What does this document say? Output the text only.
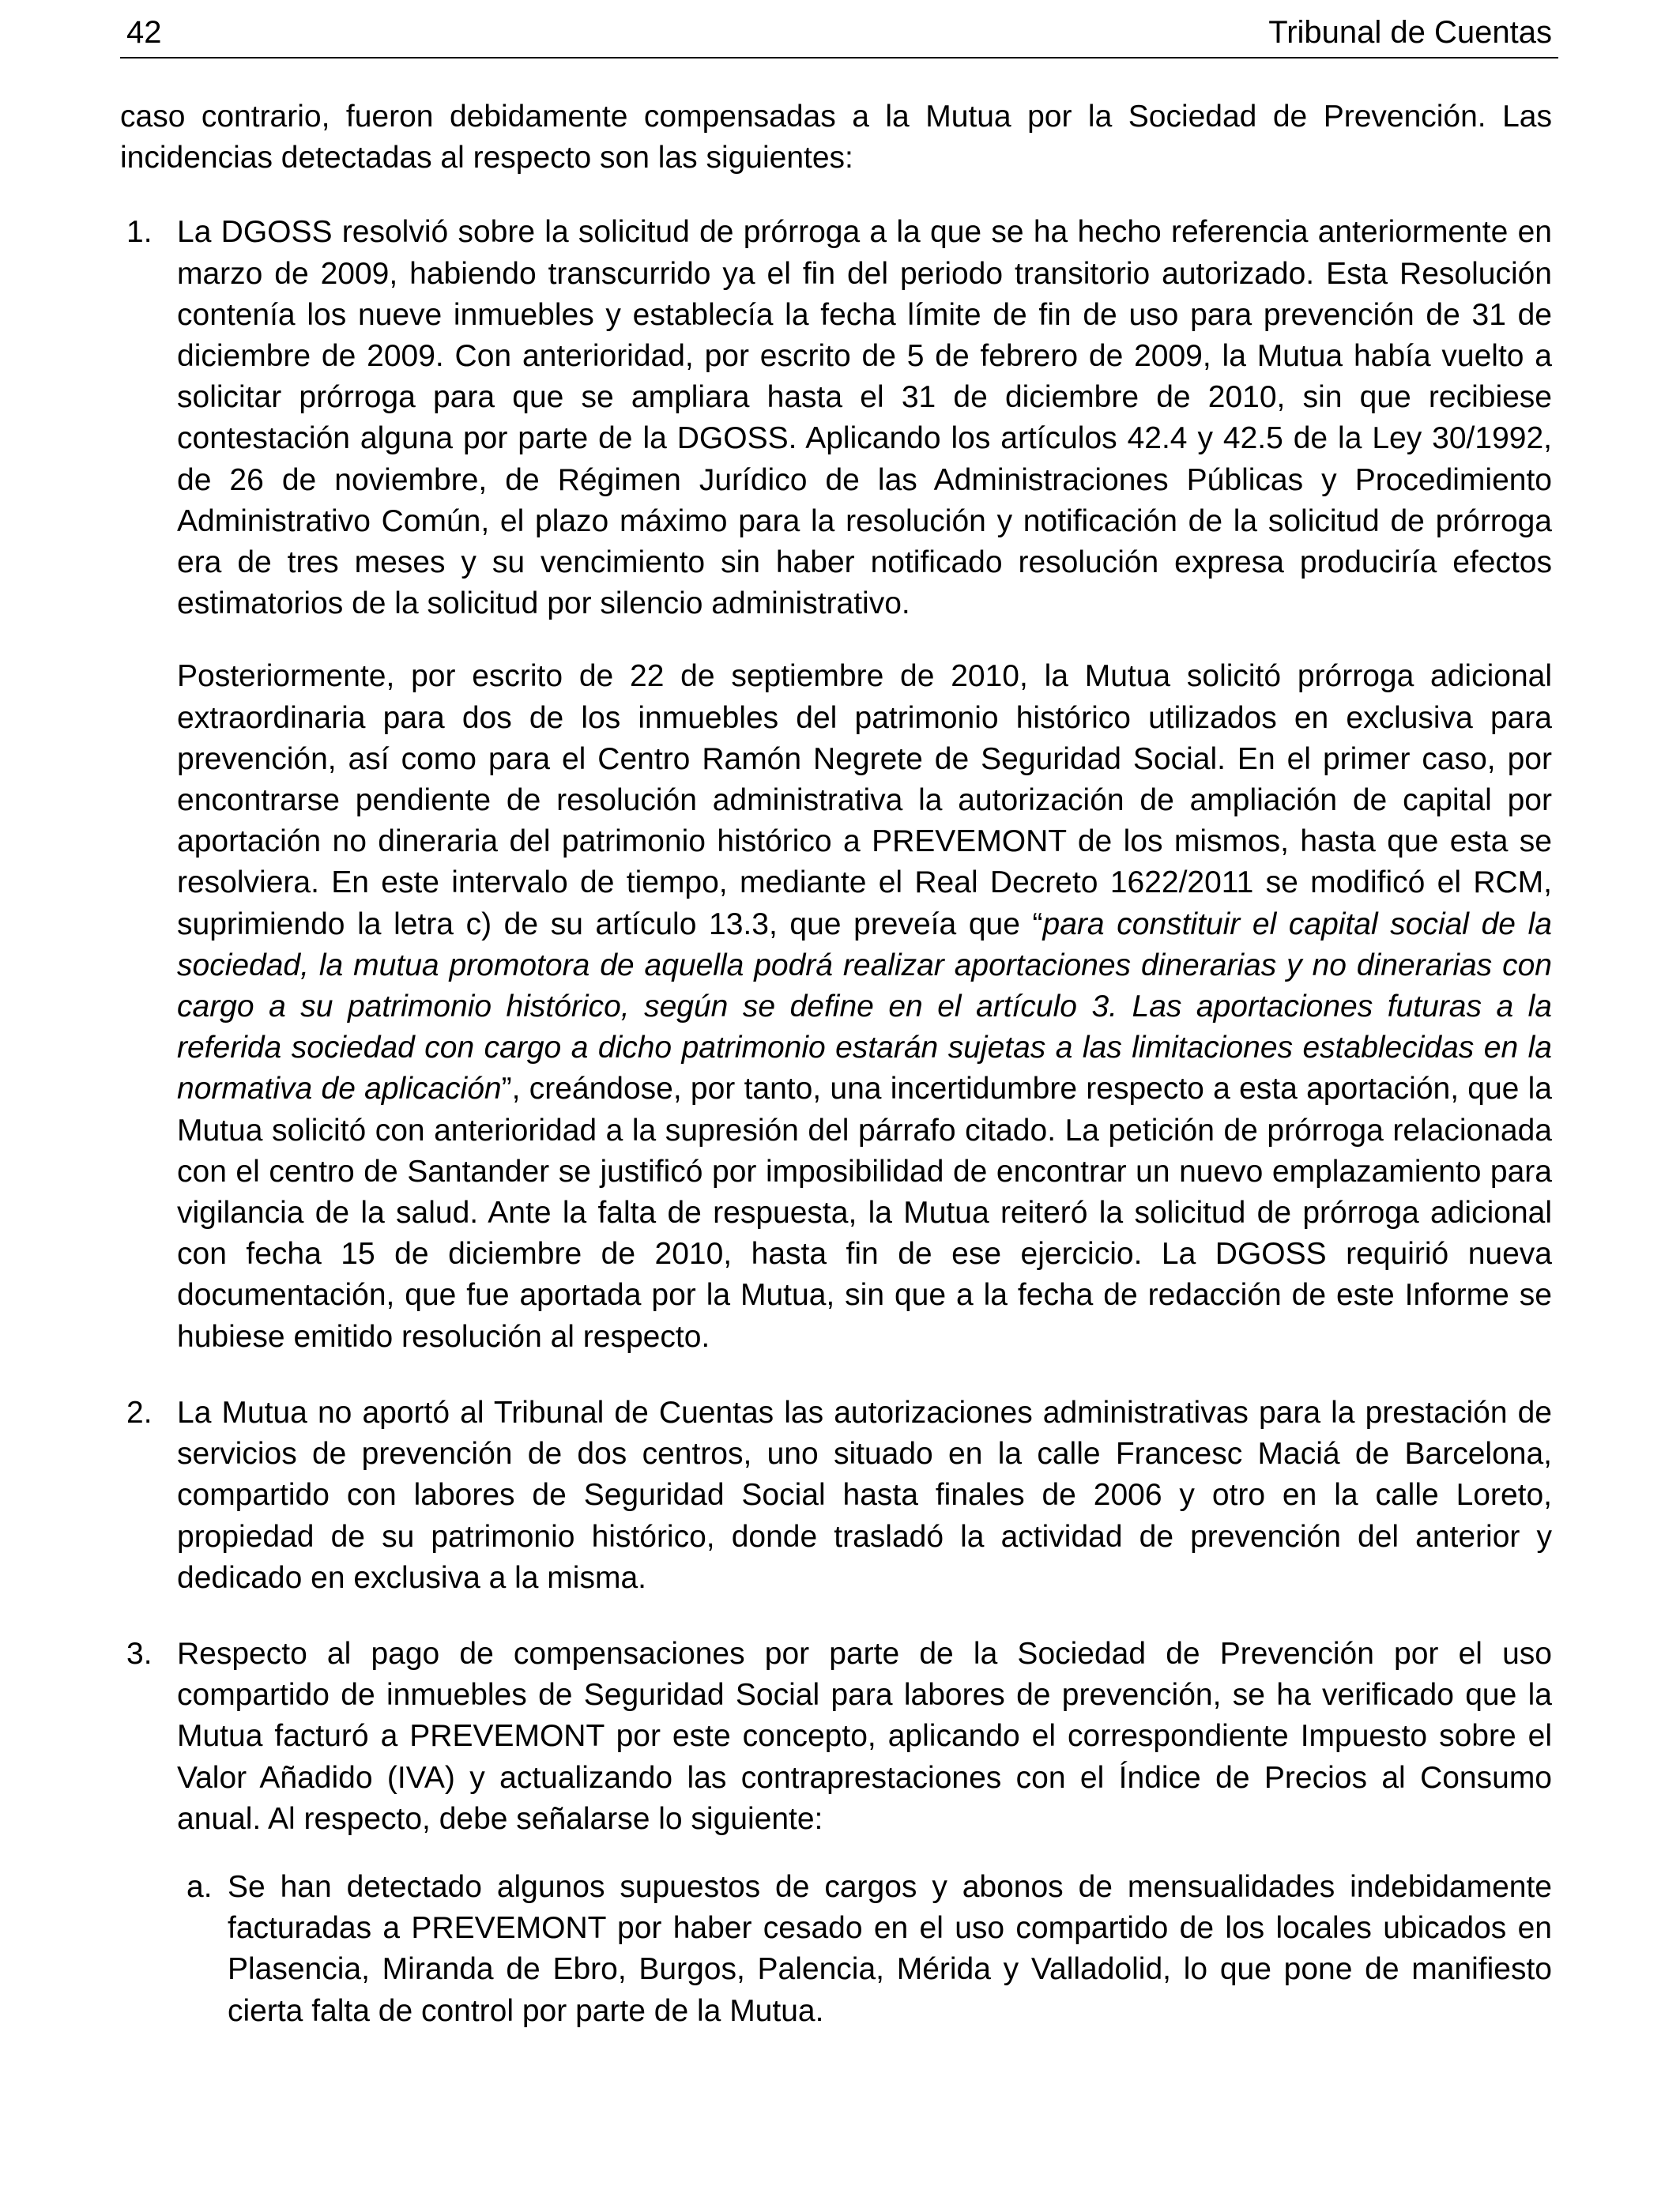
42	Tribunal de Cuentas

caso contrario, fueron debidamente compensadas a la Mutua por la Sociedad de Prevención. Las incidencias detectadas al respecto son las siguientes:

1. La DGOSS resolvió sobre la solicitud de prórroga a la que se ha hecho referencia anteriormente en marzo de 2009, habiendo transcurrido ya el fin del periodo transitorio autorizado. Esta Resolución contenía los nueve inmuebles y establecía la fecha límite de fin de uso para prevención de 31 de diciembre de 2009. Con anterioridad, por escrito de 5 de febrero de 2009, la Mutua había vuelto a solicitar prórroga para que se ampliara hasta el 31 de diciembre de 2010, sin que recibiese contestación alguna por parte de la DGOSS. Aplicando los artículos 42.4 y 42.5 de la Ley 30/1992, de 26 de noviembre, de Régimen Jurídico de las Administraciones Públicas y Procedimiento Administrativo Común, el plazo máximo para la resolución y notificación de la solicitud de prórroga era de tres meses y su vencimiento sin haber notificado resolución expresa produciría efectos estimatorios de la solicitud por silencio administrativo.

Posteriormente, por escrito de 22 de septiembre de 2010, la Mutua solicitó prórroga adicional extraordinaria para dos de los inmuebles del patrimonio histórico utilizados en exclusiva para prevención, así como para el Centro Ramón Negrete de Seguridad Social. En el primer caso, por encontrarse pendiente de resolución administrativa la autorización de ampliación de capital por aportación no dineraria del patrimonio histórico a PREVEMONT de los mismos, hasta que esta se resolviera. En este intervalo de tiempo, mediante el Real Decreto 1622/2011 se modificó el RCM, suprimiendo la letra c) de su artículo 13.3, que preveía que “para constituir el capital social de la sociedad, la mutua promotora de aquella podrá realizar aportaciones dinerarias y no dinerarias con cargo a su patrimonio histórico, según se define en el artículo 3. Las aportaciones futuras a la referida sociedad con cargo a dicho patrimonio estarán sujetas a las limitaciones establecidas en la normativa de aplicación”, creándose, por tanto, una incertidumbre respecto a esta aportación, que la Mutua solicitó con anterioridad a la supresión del párrafo citado. La petición de prórroga relacionada con el centro de Santander se justificó por imposibilidad de encontrar un nuevo emplazamiento para vigilancia de la salud. Ante la falta de respuesta, la Mutua reiteró la solicitud de prórroga adicional con fecha 15 de diciembre de 2010, hasta fin de ese ejercicio. La DGOSS requirió nueva documentación, que fue aportada por la Mutua, sin que a la fecha de redacción de este Informe se hubiese emitido resolución al respecto.

2. La Mutua no aportó al Tribunal de Cuentas las autorizaciones administrativas para la prestación de servicios de prevención de dos centros, uno situado en la calle Francesc Maciá de Barcelona, compartido con labores de Seguridad Social hasta finales de 2006 y otro en la calle Loreto, propiedad de su patrimonio histórico, donde trasladó la actividad de prevención del anterior y dedicado en exclusiva a la misma.

3. Respecto al pago de compensaciones por parte de la Sociedad de Prevención por el uso compartido de inmuebles de Seguridad Social para labores de prevención, se ha verificado que la Mutua facturó a PREVEMONT por este concepto, aplicando el correspondiente Impuesto sobre el Valor Añadido (IVA) y actualizando las contraprestaciones con el Índice de Precios al Consumo anual. Al respecto, debe señalarse lo siguiente:

a. Se han detectado algunos supuestos de cargos y abonos de mensualidades indebidamente facturadas a PREVEMONT por haber cesado en el uso compartido de los locales ubicados en Plasencia, Miranda de Ebro, Burgos, Palencia, Mérida y Valladolid, lo que pone de manifiesto cierta falta de control por parte de la Mutua.
